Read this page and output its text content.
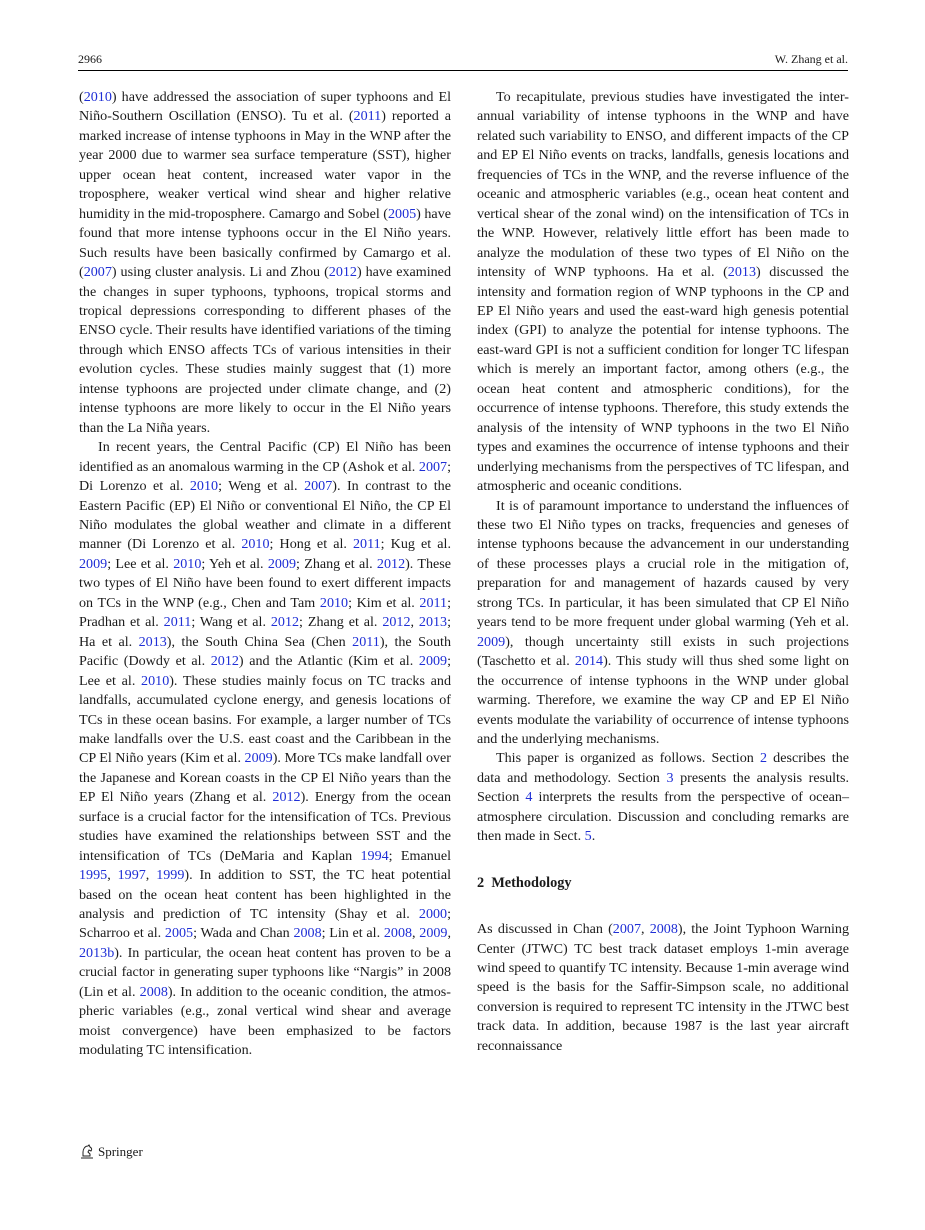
2966	W. Zhang et al.

(2010) have addressed the association of super typhoons and El Niño-Southern Oscillation (ENSO). Tu et al. (2011) reported a marked increase of intense typhoons in May in the WNP after the year 2000 due to warmer sea surface temperature (SST), higher upper ocean heat content, increased water vapor in the troposphere, weaker vertical wind shear and higher relative humidity in the mid-troposphere. Camargo and Sobel (2005) have found that more intense typhoons occur in the El Niño years. Such results have been basically confirmed by Camargo et al. (2007) using cluster analysis. Li and Zhou (2012) have examined the changes in super typhoons, typhoons, tropical storms and tropical depressions corresponding to different phases of the ENSO cycle. Their results have identified variations of the timing through which ENSO affects TCs of various intensities in their evolution cycles. These studies mainly suggest that (1) more intense typhoons are projected under climate change, and (2) intense typhoons are more likely to occur in the El Niño years than the La Niña years.

In recent years, the Central Pacific (CP) El Niño has been identified as an anomalous warming in the CP (Ashok et al. 2007; Di Lorenzo et al. 2010; Weng et al. 2007). In contrast to the Eastern Pacific (EP) El Niño or conventional El Niño, the CP El Niño modulates the global weather and climate in a different manner (Di Lorenzo et al. 2010; Hong et al. 2011; Kug et al. 2009; Lee et al. 2010; Yeh et al. 2009; Zhang et al. 2012). These two types of El Niño have been found to exert different impacts on TCs in the WNP (e.g., Chen and Tam 2010; Kim et al. 2011; Pradhan et al. 2011; Wang et al. 2012; Zhang et al. 2012, 2013; Ha et al. 2013), the South China Sea (Chen 2011), the South Pacific (Dowdy et al. 2012) and the Atlantic (Kim et al. 2009; Lee et al. 2010). These studies mainly focus on TC tracks and landfalls, accumulated cyclone energy, and genesis locations of TCs in these ocean basins. For example, a larger number of TCs make landfalls over the U.S. east coast and the Caribbean in the CP El Niño years (Kim et al. 2009). More TCs make landfall over the Japanese and Korean coasts in the CP El Niño years than the EP El Niño years (Zhang et al. 2012). Energy from the ocean surface is a crucial factor for the intensification of TCs. Previous studies have examined the relationships between SST and the intensification of TCs (DeMaria and Kaplan 1994; Emanuel 1995, 1997, 1999). In addition to SST, the TC heat potential based on the ocean heat content has been highlighted in the analysis and prediction of TC intensity (Shay et al. 2000; Scharroo et al. 2005; Wada and Chan 2008; Lin et al. 2008, 2009, 2013b). In particular, the ocean heat content has proven to be a crucial factor in generating super typhoons like “Nargis” in 2008 (Lin et al. 2008). In addition to the oceanic condition, the atmospheric variables (e.g., zonal vertical wind shear and average moist convergence) have been emphasized to be factors modulating TC intensification.

To recapitulate, previous studies have investigated the inter-annual variability of intense typhoons in the WNP and have related such variability to ENSO, and different impacts of the CP and EP El Niño events on tracks, landfalls, genesis locations and frequencies of TCs in the WNP, and the reverse influence of the oceanic and atmospheric variables (e.g., ocean heat content and vertical shear of the zonal wind) on the intensification of TCs in the WNP. However, relatively little effort has been made to analyze the modulation of these two types of El Niño on the intensity of WNP typhoons. Ha et al. (2013) discussed the intensity and formation region of WNP typhoons in the CP and EP El Niño years and used the east-ward high genesis potential index (GPI) to analyze the potential for intense typhoons. The east-ward GPI is not a sufficient condition for longer TC lifespan which is merely an important factor, among others (e.g., the ocean heat content and atmospheric conditions), for the occurrence of intense typhoons. Therefore, this study extends the analysis of the intensity of WNP typhoons in the two El Niño types and examines the occurrence of intense typhoons and their underlying mechanisms from the perspectives of TC lifespan, and atmospheric and oceanic conditions.

It is of paramount importance to understand the influences of these two El Niño types on tracks, frequencies and geneses of intense typhoons because the advancement in our understanding of these processes plays a crucial role in the mitigation of, preparation for and management of hazards caused by very strong TCs. In particular, it has been simulated that CP El Niño years tend to be more frequent under global warming (Yeh et al. 2009), though uncertainty still exists in such projections (Taschetto et al. 2014). This study will thus shed some light on the occurrence of intense typhoons in the WNP under global warming. Therefore, we examine the way CP and EP El Niño events modulate the variability of occurrence of intense typhoons and the underlying mechanisms.

This paper is organized as follows. Section 2 describes the data and methodology. Section 3 presents the analysis results. Section 4 interprets the results from the perspective of ocean–atmosphere circulation. Discussion and concluding remarks are then made in Sect. 5.

2 Methodology

As discussed in Chan (2007, 2008), the Joint Typhoon Warning Center (JTWC) TC best track dataset employs 1-min average wind speed to quantify TC intensity. Because 1-min average wind speed is the basis for the Saffir-Simpson scale, no additional conversion is required to represent TC intensity in the JTWC best track data. In addition, because 1987 is the last year aircraft reconnaissance

Springer
